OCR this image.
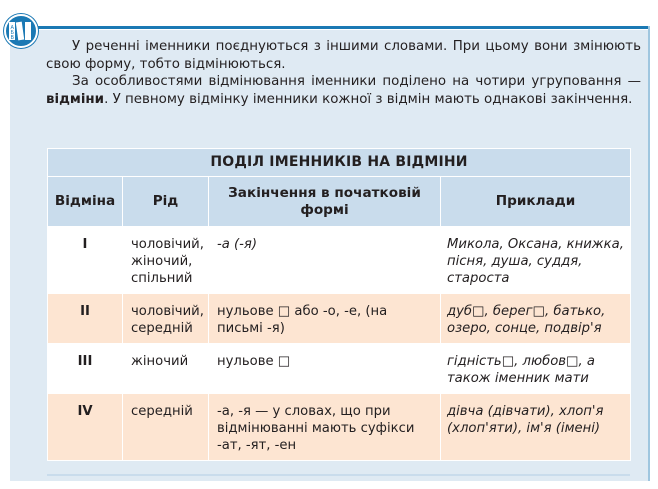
А
Б
В

У реченні іменники поєднуються з іншими словами. При цьому вони змінюють свою форму, тобто відмінюються.

За особливостями відмінювання іменники поділено на чотири угруповання — відміни. У певному відмінку іменники кожної з відмін мають однакові закінчення.

ПОДІЛ ІМЕННИКІВ НА ВІДМІНИ			
Відміна	Рід	Закінчення в початковій формі	Приклади
I	чоловічий, жіночий, спільний	-а (-я)	Миколa, Оксанa, книжкa, пісня, душa, суддя, старостa
II	чоловічий, середній	нульове □ або -о, -е, (на письмі -я)	дуб□, берег□, батько, озеро, сонце, подвір'я
III	жіночий	нульове □	гідність□, любов□, а також іменник мати
IV	середній	-а, -я — у словах, що при відмінюванні мають суфікси -ат, -ят, -ен	дівчa (дівчати), хлоп'я (хлоп'яти), ім'я (імені)
